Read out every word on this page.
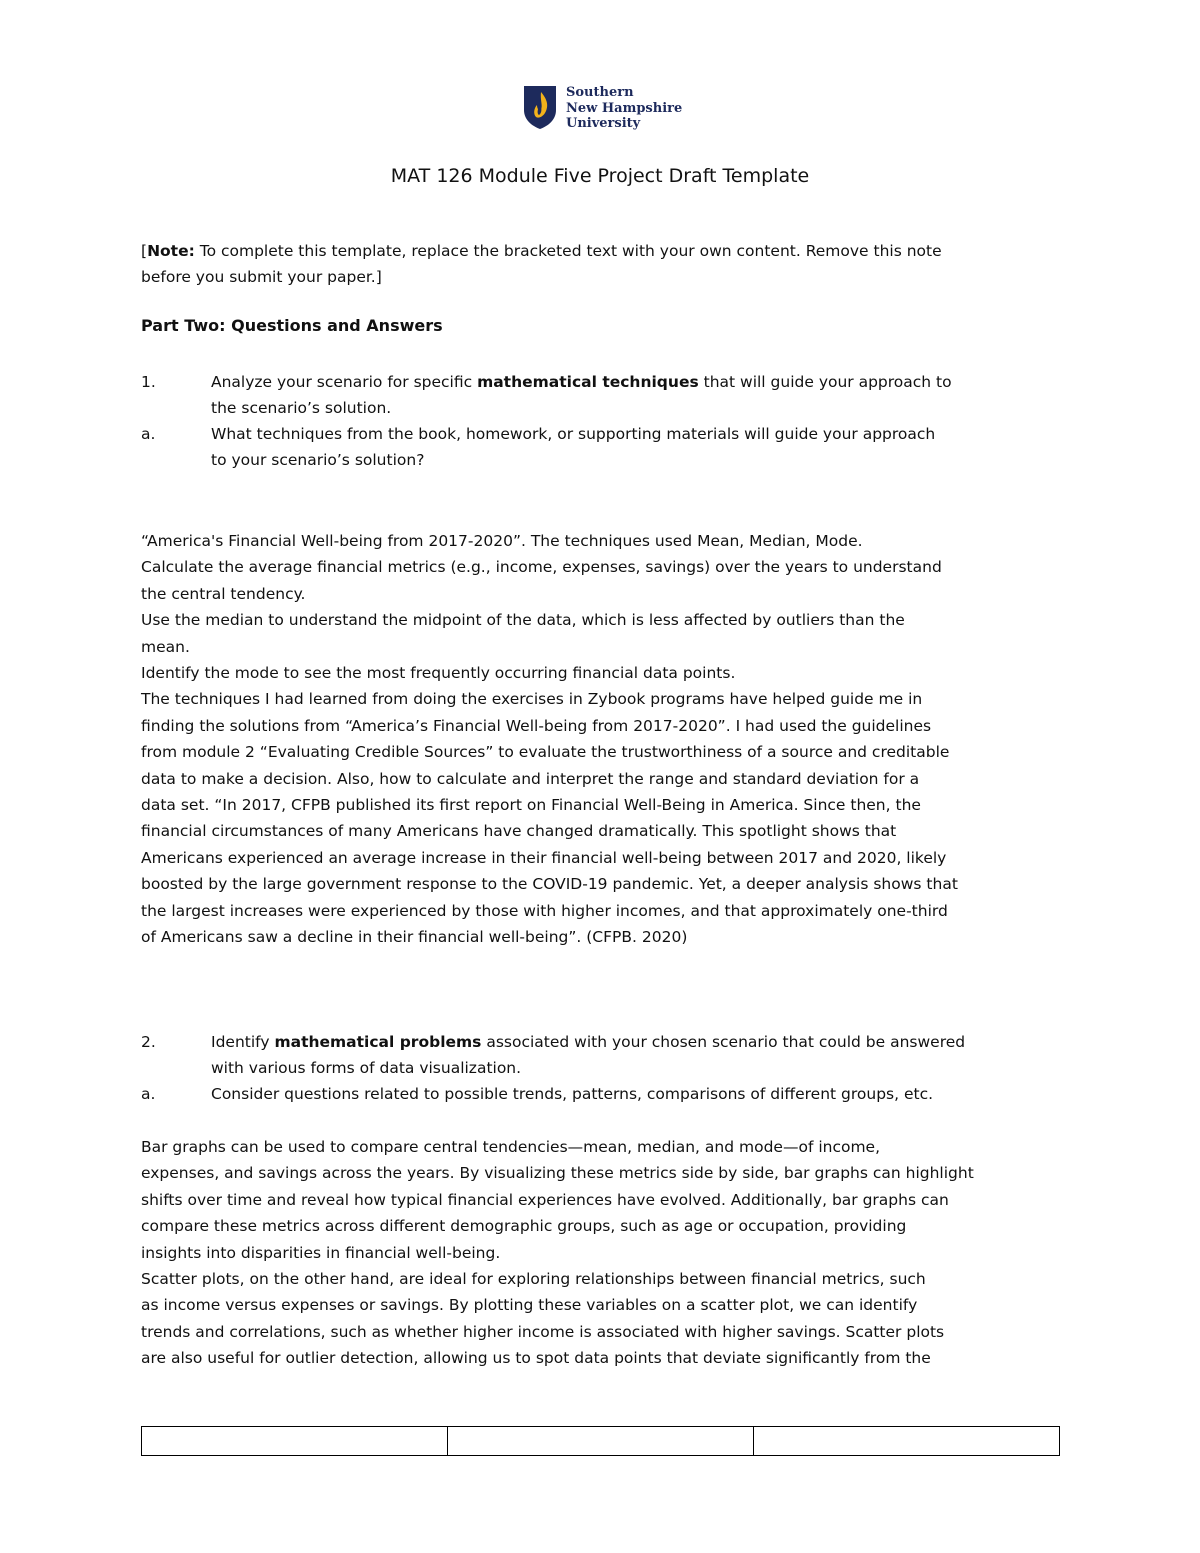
Southern
New Hampshire
University
MAT 126 Module Five Project Draft Template
[Note: To complete this template, replace the bracketed text with your own content. Remove this note
before you submit your paper.]
Part Two: Questions and Answers
1.	Analyze your scenario for specific mathematical techniques that will guide your approach to
the scenario’s solution.
a.	What techniques from the book, homework, or supporting materials will guide your approach
to your scenario’s solution?
“America's Financial Well-being from 2017-2020”. The techniques used Mean, Median, Mode.
Calculate the average financial metrics (e.g., income, expenses, savings) over the years to understand
the central tendency.
Use the median to understand the midpoint of the data, which is less affected by outliers than the
mean.
Identify the mode to see the most frequently occurring financial data points.
The techniques I had learned from doing the exercises in Zybook programs have helped guide me in
finding the solutions from “America’s Financial Well-being from 2017-2020”. I had used the guidelines
from module 2 “Evaluating Credible Sources” to evaluate the trustworthiness of a source and creditable
data to make a decision. Also, how to calculate and interpret the range and standard deviation for a
data set. “In 2017, CFPB published its first report on Financial Well-Being in America. Since then, the
financial circumstances of many Americans have changed dramatically. This spotlight shows that
Americans experienced an average increase in their financial well-being between 2017 and 2020, likely
boosted by the large government response to the COVID-19 pandemic. Yet, a deeper analysis shows that
the largest increases were experienced by those with higher incomes, and that approximately one-third
of Americans saw a decline in their financial well-being”. (CFPB. 2020)
2.	Identify mathematical problems associated with your chosen scenario that could be answered
with various forms of data visualization.
a.	Consider questions related to possible trends, patterns, comparisons of different groups, etc.
Bar graphs can be used to compare central tendencies—mean, median, and mode—of income,
expenses, and savings across the years. By visualizing these metrics side by side, bar graphs can highlight
shifts over time and reveal how typical financial experiences have evolved. Additionally, bar graphs can
compare these metrics across different demographic groups, such as age or occupation, providing
insights into disparities in financial well-being.
Scatter plots, on the other hand, are ideal for exploring relationships between financial metrics, such
as income versus expenses or savings. By plotting these variables on a scatter plot, we can identify
trends and correlations, such as whether higher income is associated with higher savings. Scatter plots
are also useful for outlier detection, allowing us to spot data points that deviate significantly from the
